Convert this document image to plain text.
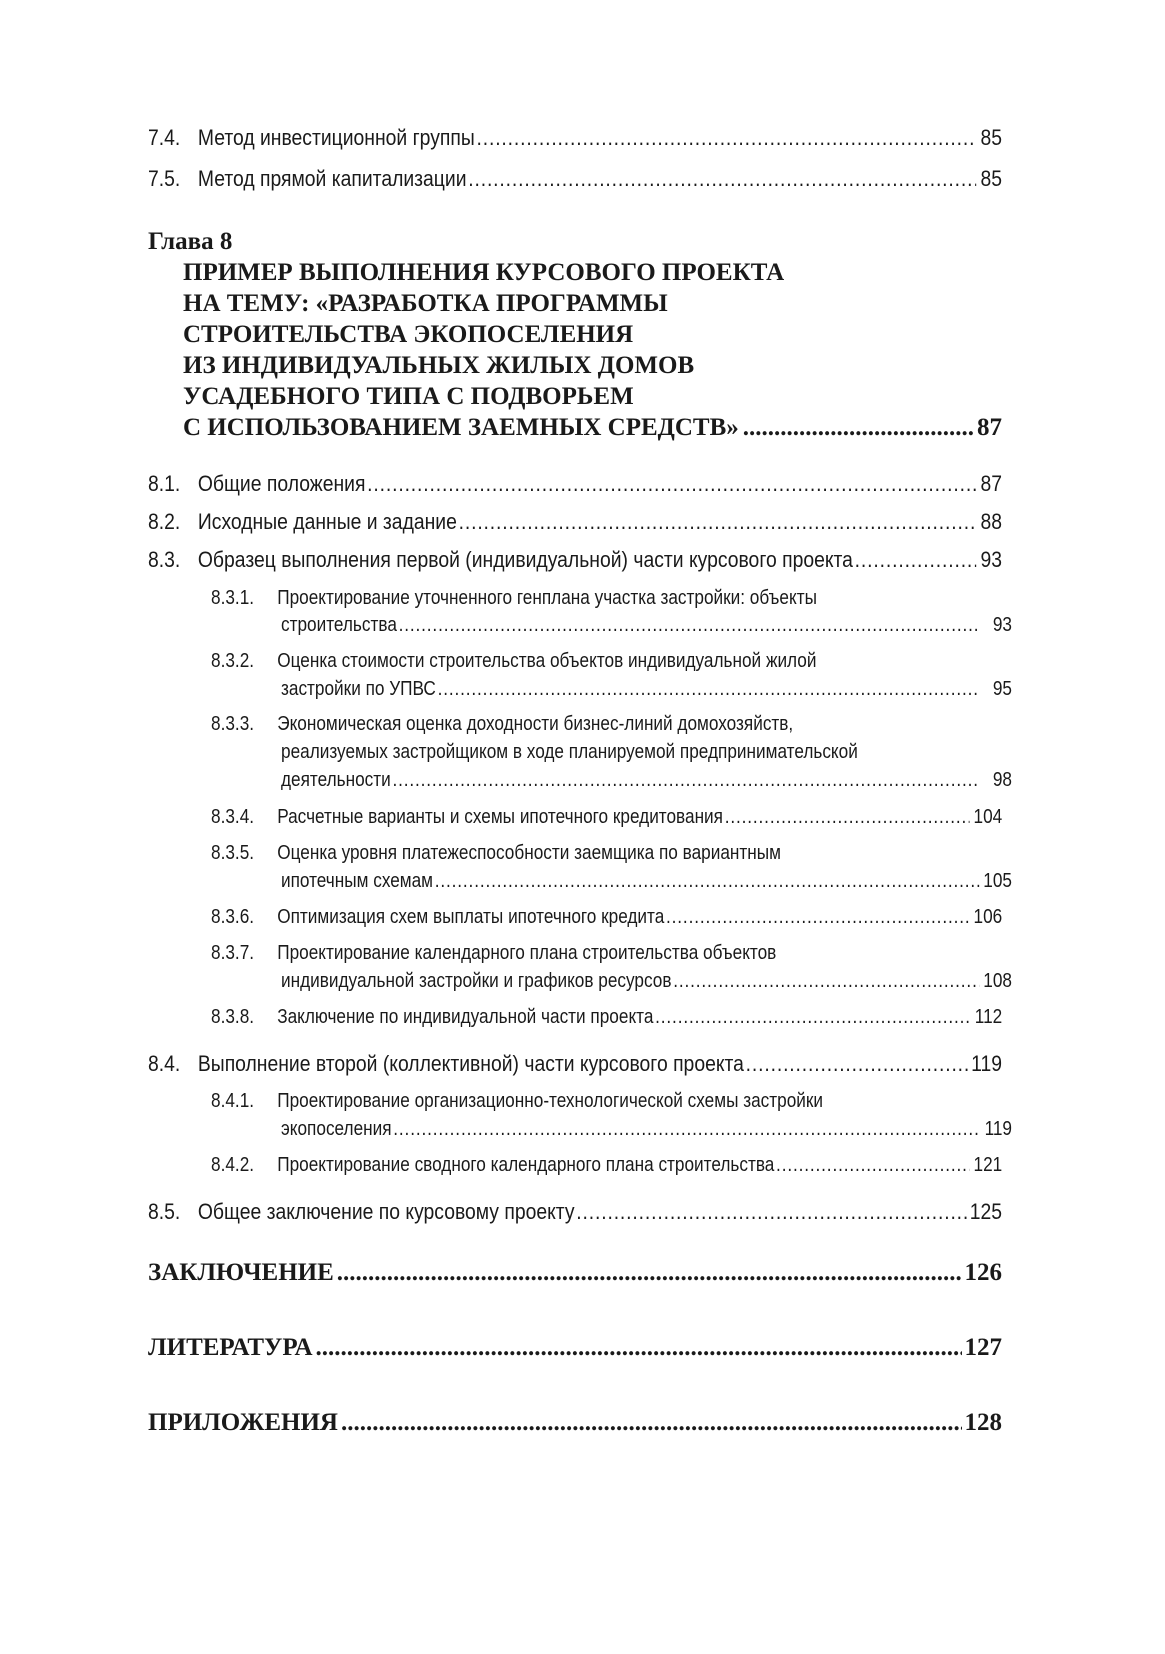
7.4. Метод инвестиционной группы .....	85
7.5. Метод прямой капитализации .....	85
Глава 8
ПРИМЕР ВЫПОЛНЕНИЯ КУРСОВОГО ПРОЕКТА
НА ТЕМУ: «РАЗРАБОТКА ПРОГРАММЫ
СТРОИТЕЛЬСТВА ЭКОПОСЕЛЕНИЯ
ИЗ ИНДИВИДУАЛЬНЫХ ЖИЛЫХ ДОМОВ
УСАДЕБНОГО ТИПА С ПОДВОРЬЕМ
С ИСПОЛЬЗОВАНИЕМ ЗАЕМНЫХ СРЕДСТВ» .....	87
8.1. Общие положения .....	87
8.2. Исходные данные и задание .....	88
8.3. Образец выполнения первой (индивидуальной) части курсового проекта .....	93
8.3.1.	Проектирование уточненного генплана участка застройки: объекты
строительства .....	93
8.3.2.	Оценка стоимости строительства объектов индивидуальной жилой
застройки по УПВС .....	95
8.3.3.	Экономическая оценка доходности бизнес-линий домохозяйств,
реализуемых застройщиком в ходе планируемой предпринимательской
деятельности .....	98
8.3.4.	Расчетные варианты и схемы ипотечного кредитования .....	104
8.3.5.	Оценка уровня платежеспособности заемщика по вариантным
ипотечным схемам .....	105
8.3.6.	Оптимизация схем выплаты ипотечного кредита .....	106
8.3.7.	Проектирование календарного плана строительства объектов
индивидуальной застройки и графиков ресурсов .....	108
8.3.8.	Заключение по индивидуальной части проекта .....	112
8.4. Выполнение второй (коллективной) части курсового проекта .....	119
8.4.1.	Проектирование организационно-технологической схемы застройки
экопоселения .....	119
8.4.2.	Проектирование сводного календарного плана строительства .....	121
8.5. Общее заключение по курсовому проекту .....	125
ЗАКЛЮЧЕНИЕ .....	126
ЛИТЕРАТУРА .....	127
ПРИЛОЖЕНИЯ .....	128
